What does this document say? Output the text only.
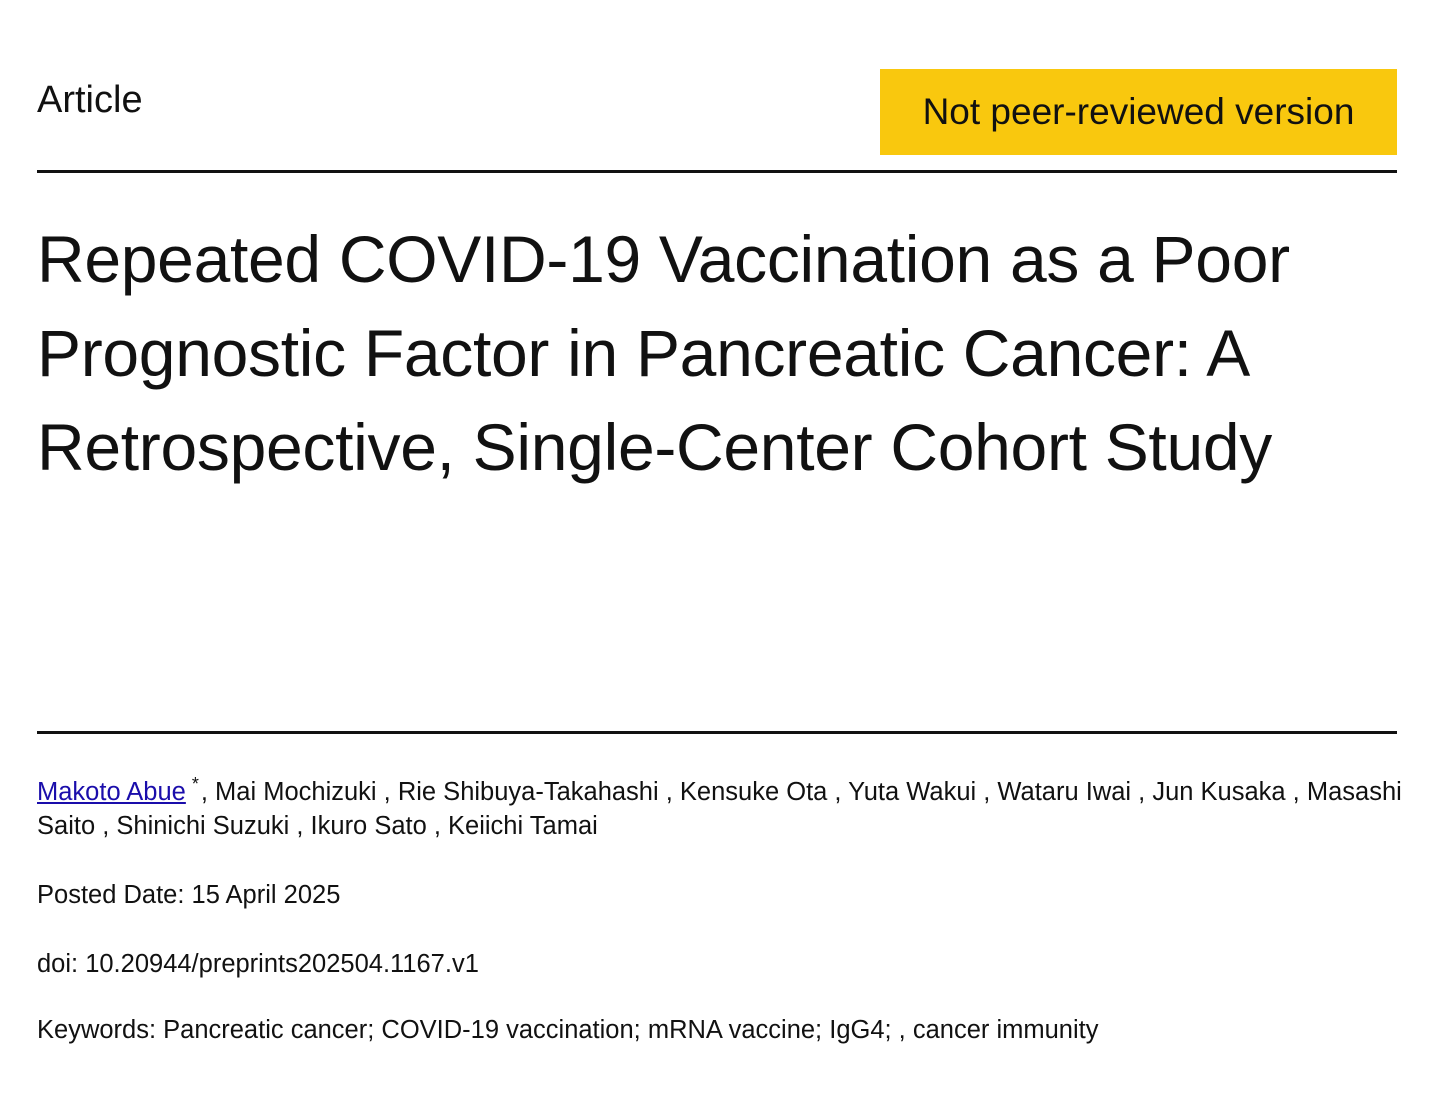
Article	Not peer-reviewed version
Repeated COVID-19 Vaccination as a Poor Prognostic Factor in Pancreatic Cancer: A Retrospective, Single-Center Cohort Study
Makoto Abue *, Mai Mochizuki , Rie Shibuya-Takahashi , Kensuke Ota , Yuta Wakui , Wataru Iwai , Jun Kusaka , Masashi Saito , Shinichi Suzuki , Ikuro Sato , Keiichi Tamai
Posted Date: 15 April 2025
doi: 10.20944/preprints202504.1167.v1
Keywords: Pancreatic cancer; COVID-19 vaccination; mRNA vaccine; IgG4; , cancer immunity
